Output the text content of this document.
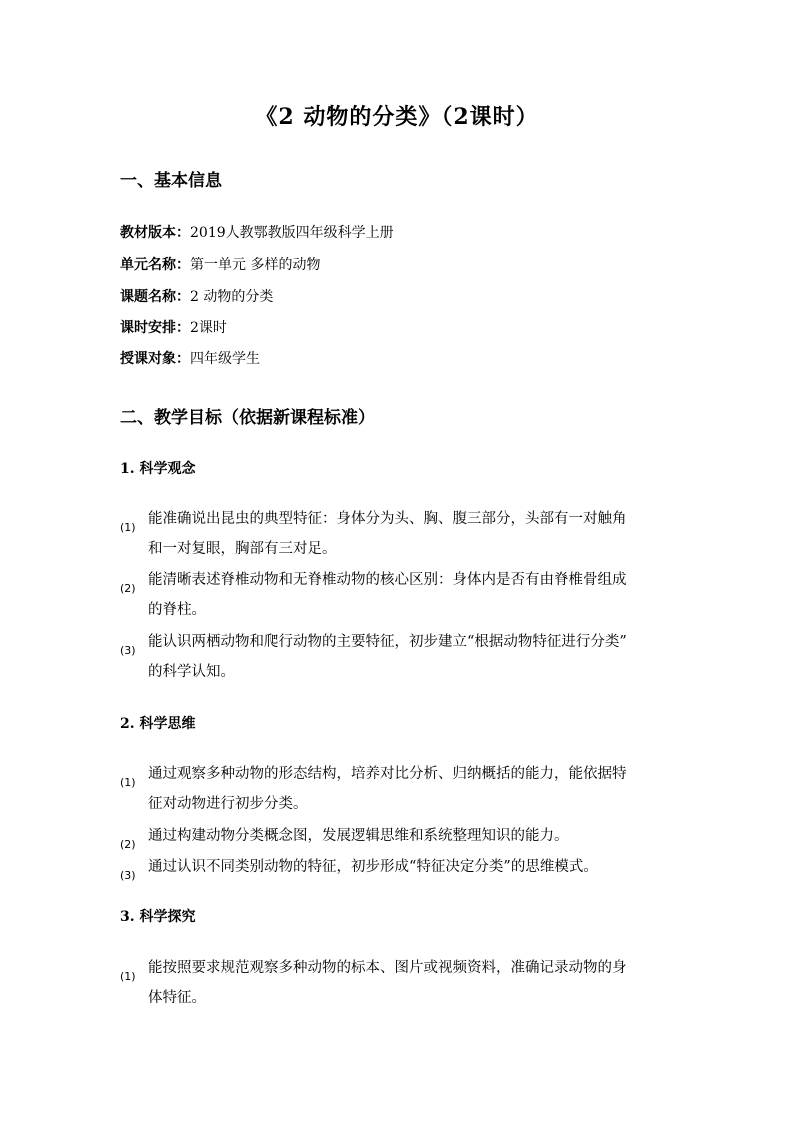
《2 动物的分类》（2课时）
一、基本信息
教材版本：2019人教鄂教版四年级科学上册
单元名称：第一单元 多样的动物
课题名称：2 动物的分类
课时安排：2课时
授课对象：四年级学生
二、教学目标（依据新课程标准）
1. 科学观念
(1)
能准确说出昆虫的典型特征：身体分为头、胸、腹三部分，头部有一对触角
和一对复眼，胸部有三对足。
(2)
能清晰表述脊椎动物和无脊椎动物的核心区别：身体内是否有由脊椎骨组成
的脊柱。
(3)
能认识两栖动物和爬行动物的主要特征，初步建立“根据动物特征进行分类”
的科学认知。
2. 科学思维
(1)
通过观察多种动物的形态结构，培养对比分析、归纳概括的能力，能依据特
征对动物进行初步分类。
(2)
通过构建动物分类概念图，发展逻辑思维和系统整理知识的能力。
(3)
通过认识不同类别动物的特征，初步形成“特征决定分类”的思维模式。
3. 科学探究
(1)
能按照要求规范观察多种动物的标本、图片或视频资料，准确记录动物的身
体特征。
